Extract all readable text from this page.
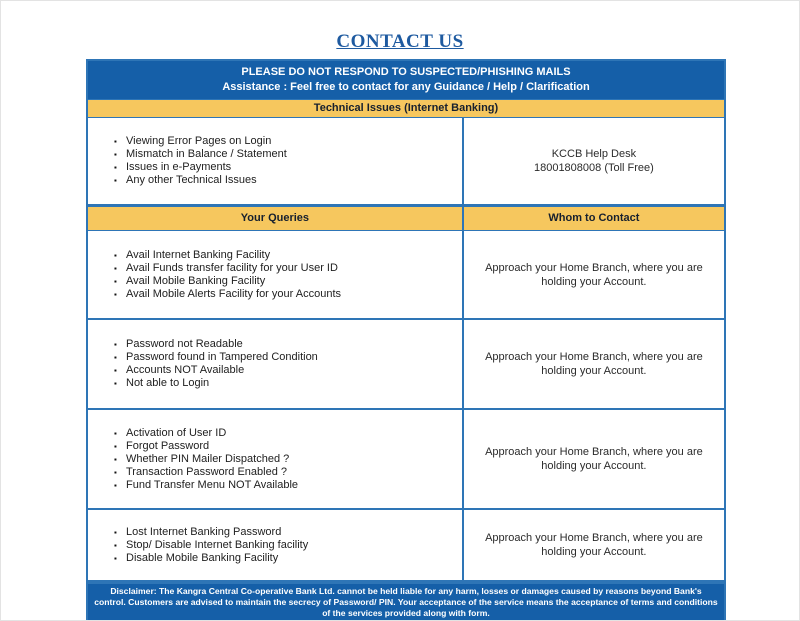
CONTACT US
PLEASE DO NOT RESPOND TO SUSPECTED/PHISHING MAILS
Assistance : Feel free to contact for any Guidance / Help / Clarification
Technical Issues (Internet Banking)
▪ Viewing Error Pages on Login
▪ Mismatch in Balance / Statement
▪ Issues in e-Payments
▪ Any other Technical Issues
KCCB Help Desk
18001808008 (Toll Free)
Your Queries	Whom to Contact
▪ Avail Internet Banking Facility
▪ Avail Funds transfer facility for your User ID
▪ Avail Mobile Banking Facility
▪ Avail Mobile Alerts Facility for your Accounts
Approach your Home Branch, where you are holding your Account.
▪ Password not Readable
▪ Password found in Tampered Condition
▪ Accounts NOT Available
▪ Not able to Login
Approach your Home Branch, where you are holding your Account.
▪ Activation of User ID
▪ Forgot Password
▪ Whether PIN Mailer Dispatched ?
▪ Transaction Password Enabled ?
▪ Fund Transfer Menu NOT Available
Approach your Home Branch, where you are holding your Account.
▪ Lost Internet Banking Password
▪ Stop/ Disable Internet Banking facility
▪ Disable Mobile Banking Facility
Approach your Home Branch, where you are holding your Account.
Disclaimer: The Kangra Central Co-operative Bank Ltd. cannot be held liable for any harm, losses or damages caused by reasons beyond Bank's control. Customers are advised to maintain the secrecy of Password/ PIN. Your acceptance of the service means the acceptance of terms and conditions of the services provided along with form.
